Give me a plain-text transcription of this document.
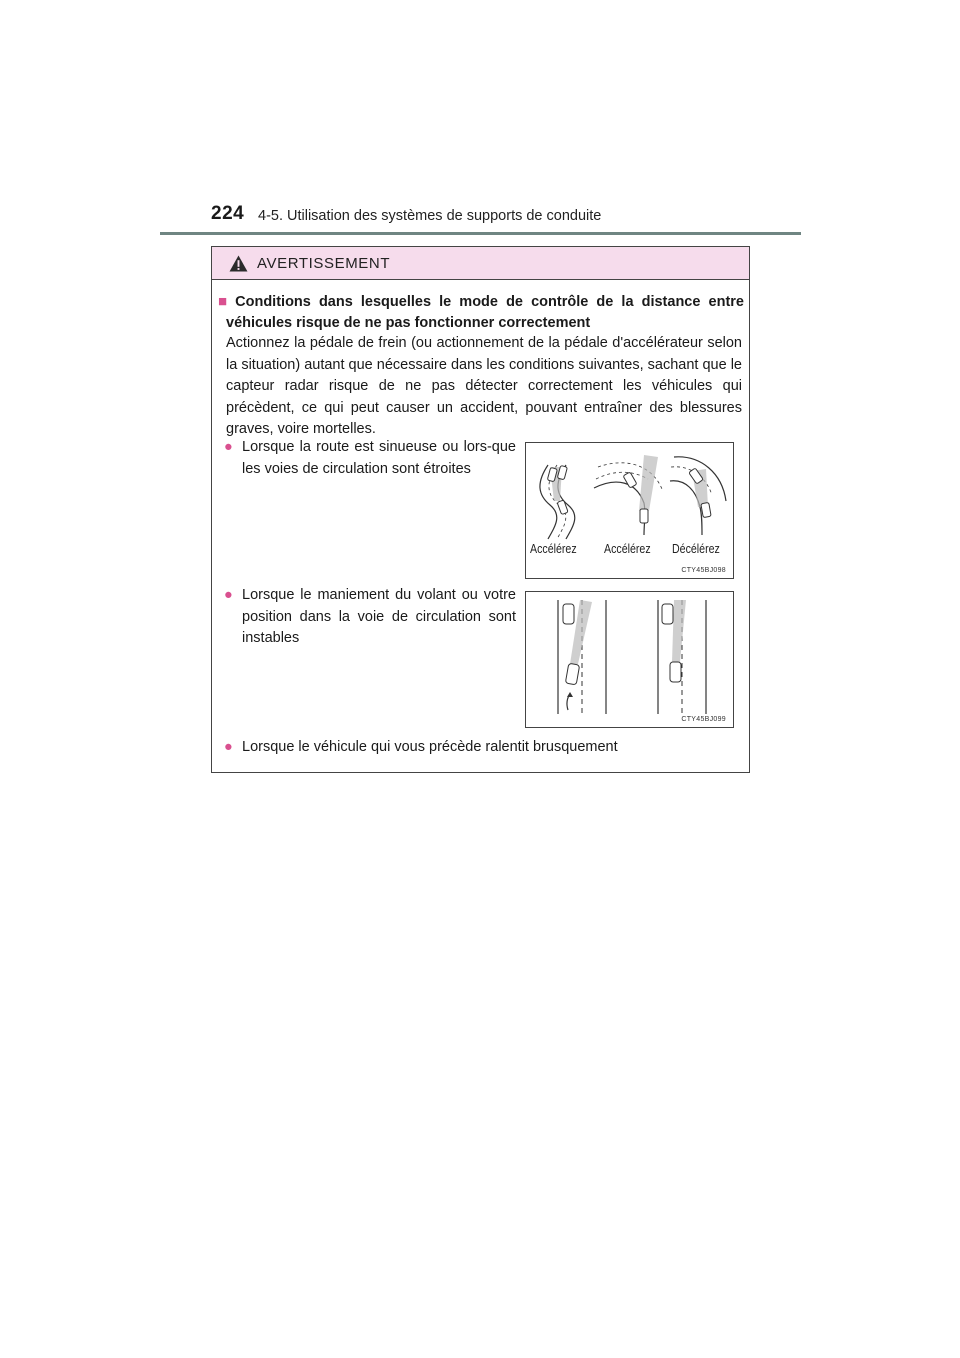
224 4-5. Utilisation des systèmes de supports de conduite
AVERTISSEMENT
■ Conditions dans lesquelles le mode de contrôle de la distance entre véhicules risque de ne pas fonctionner correctement
Actionnez la pédale de frein (ou actionnement de la pédale d'accélérateur selon la situation) autant que nécessaire dans les conditions suivantes, sachant que le capteur radar risque de ne pas détecter correctement les véhicules qui précèdent, ce qui peut causer un accident, pouvant entraîner des blessures graves, voire mortelles.
● Lorsque la route est sinueuse ou lors-que les voies de circulation sont étroites
● Lorsque le maniement du volant ou votre position dans la voie de circulation sont instables
● Lorsque le véhicule qui vous précède ralentit brusquement
Accélérez Accélérez Décélérez
CTY45BJ098
CTY45BJ099
